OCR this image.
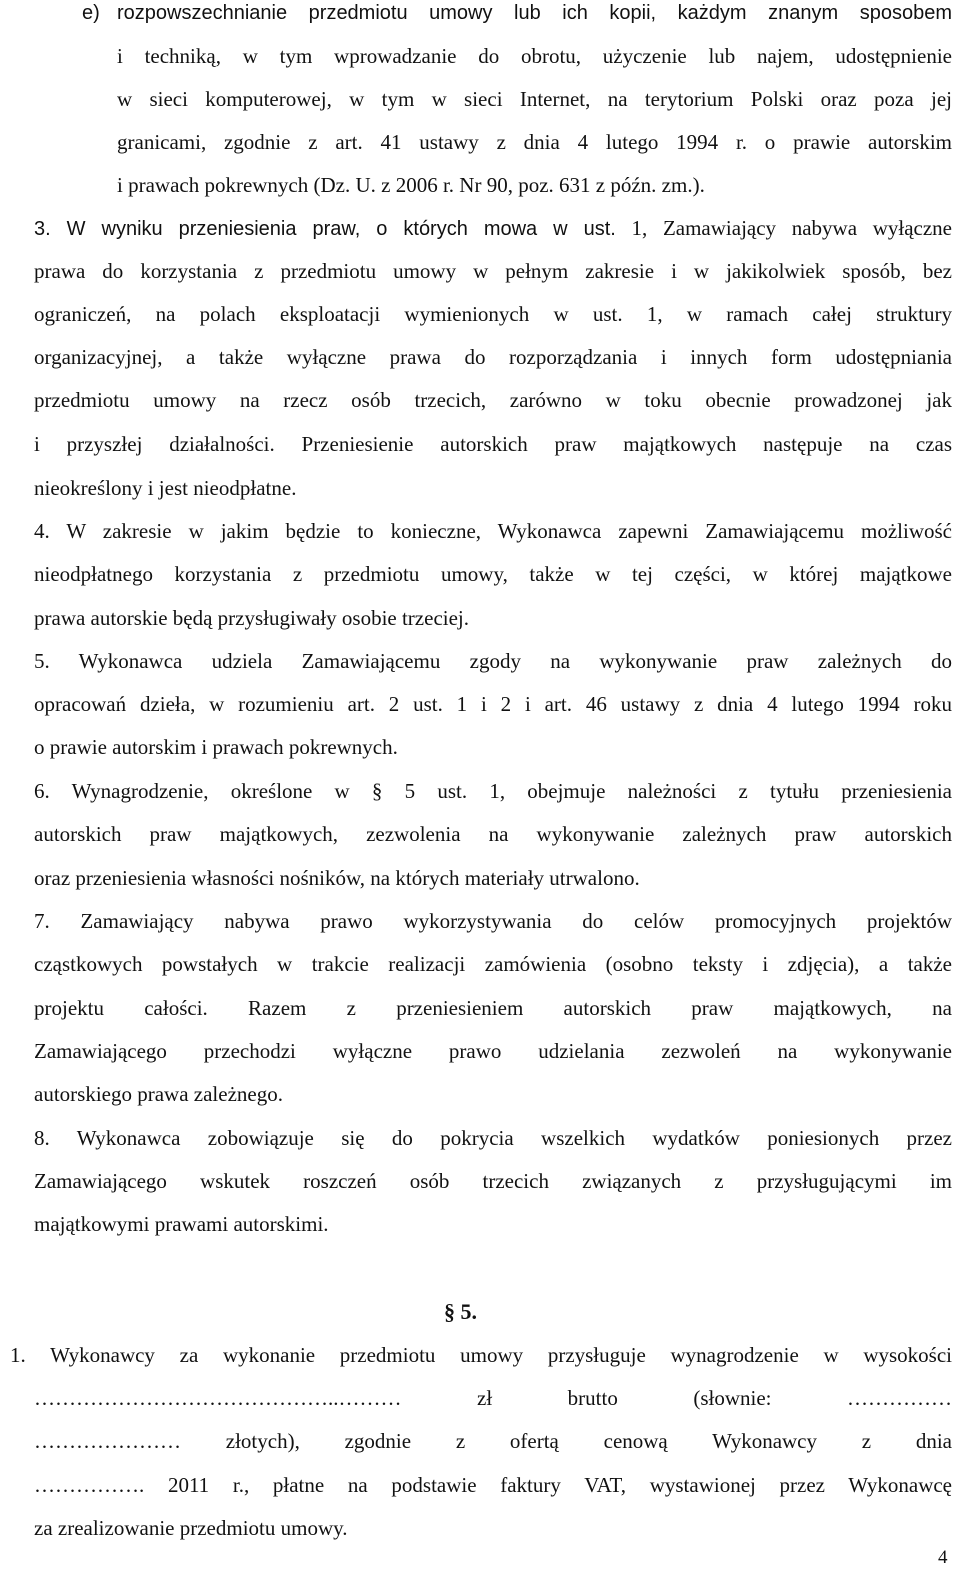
e) rozpowszechnianie przedmiotu umowy lub ich kopii, każdym znanym sposobem
i techniką, w tym wprowadzanie do obrotu, użyczenie lub najem, udostępnienie
w sieci komputerowej, w tym w sieci Internet, na terytorium Polski oraz poza jej
granicami, zgodnie z art. 41 ustawy z dnia 4 lutego 1994 r. o prawie autorskim
i prawach pokrewnych (Dz. U. z 2006 r. Nr 90, poz. 631 z późn. zm.).
3. W wyniku przeniesienia praw, o których mowa w ust. 1, Zamawiający nabywa wyłączne
prawa do korzystania z przedmiotu umowy w pełnym zakresie i w jakikolwiek sposób, bez
ograniczeń, na polach eksploatacji wymienionych w ust. 1, w ramach całej struktury
organizacyjnej, a także wyłączne prawa do rozporządzania i innych form udostępniania
przedmiotu umowy na rzecz osób trzecich, zarówno w toku obecnie prowadzonej jak
i przyszłej działalności. Przeniesienie autorskich praw majątkowych następuje na czas
nieokreślony i jest nieodpłatne.
4. W zakresie w jakim będzie to konieczne, Wykonawca zapewni Zamawiającemu możliwość
nieodpłatnego korzystania z przedmiotu umowy, także w tej części, w której majątkowe
prawa autorskie będą przysługiwały osobie trzeciej.
5. Wykonawca udziela Zamawiającemu zgody na wykonywanie praw zależnych do
opracowań dzieła, w rozumieniu art. 2 ust. 1 i 2 i art. 46 ustawy z dnia 4 lutego 1994 roku
o prawie autorskim i prawach pokrewnych.
6. Wynagrodzenie, określone w § 5 ust. 1, obejmuje należności z tytułu przeniesienia
autorskich praw majątkowych, zezwolenia na wykonywanie zależnych praw autorskich
oraz przeniesienia własności nośników, na których materiały utrwalono.
7. Zamawiający nabywa prawo wykorzystywania do celów promocyjnych projektów
cząstkowych powstałych w trakcie realizacji zamówienia (osobno teksty i zdjęcia), a także
projektu całości. Razem z przeniesieniem autorskich praw majątkowych, na
Zamawiającego przechodzi wyłączne prawo udzielania zezwoleń na wykonywanie
autorskiego prawa zależnego.
8. Wykonawca zobowiązuje się do pokrycia wszelkich wydatków poniesionych przez
Zamawiającego wskutek roszczeń osób trzecich związanych z przysługującymi im
majątkowymi prawami autorskimi.
§ 5.
1. Wykonawcy za wykonanie przedmiotu umowy przysługuje wynagrodzenie w wysokości
……………………………………..……… zł brutto (słownie: ……………
………………… złotych), zgodnie z ofertą cenową Wykonawcy z dnia
……………. 2011 r., płatne na podstawie faktury VAT, wystawionej przez Wykonawcę
za zrealizowanie przedmiotu umowy.
4
